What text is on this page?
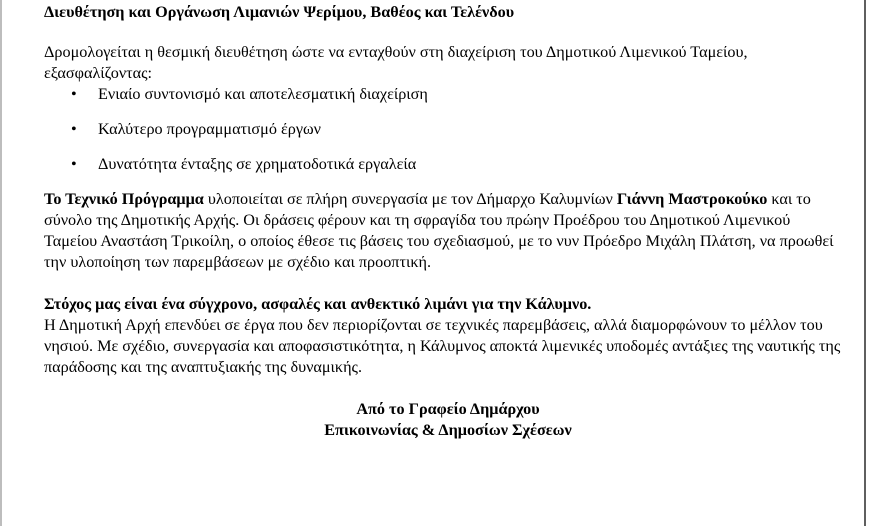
Διευθέτηση και Οργάνωση Λιμανιών Ψερίμου, Βαθέος και Τελένδου

Δρομολογείται η θεσμική διευθέτηση ώστε να ενταχθούν στη διαχείριση του Δημοτικού Λιμενικού Ταμείου, εξασφαλίζοντας:

• Ενιαίο συντονισμό και αποτελεσματική διαχείριση
• Καλύτερο προγραμματισμό έργων
• Δυνατότητα ένταξης σε χρηματοδοτικά εργαλεία

Το Τεχνικό Πρόγραμμα υλοποιείται σε πλήρη συνεργασία με τον Δήμαρχο Καλυμνίων Γιάννη Μαστροκούκο και το σύνολο της Δημοτικής Αρχής. Οι δράσεις φέρουν και τη σφραγίδα του πρώην Προέδρου του Δημοτικού Λιμενικού Ταμείου Αναστάση Τρικοίλη, ο οποίος έθεσε τις βάσεις του σχεδιασμού, με το νυν Πρόεδρο Μιχάλη Πλάτση, να προωθεί την υλοποίηση των παρεμβάσεων με σχέδιο και προοπτική.

Στόχος μας είναι ένα σύγχρονο, ασφαλές και ανθεκτικό λιμάνι για την Κάλυμνο.
Η Δημοτική Αρχή επενδύει σε έργα που δεν περιορίζονται σε τεχνικές παρεμβάσεις, αλλά διαμορφώνουν το μέλλον του νησιού. Με σχέδιο, συνεργασία και αποφασιστικότητα, η Κάλυμνος αποκτά λιμενικές υποδομές αντάξιες της ναυτικής της παράδοσης και της αναπτυξιακής της δυναμικής.

Από το Γραφείο Δημάρχου
Επικοινωνίας & Δημοσίων Σχέσεων
